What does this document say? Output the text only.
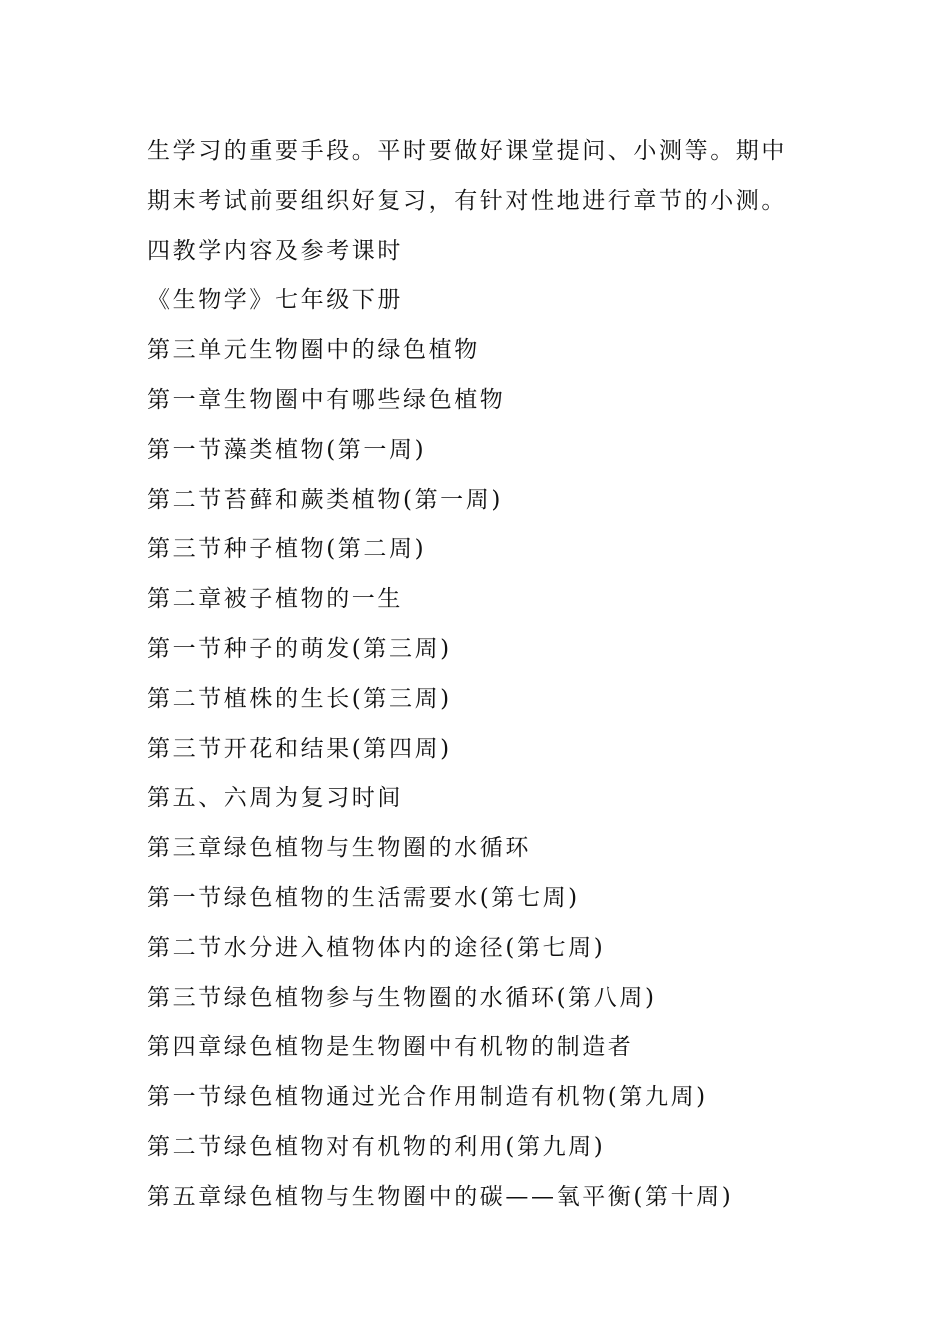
生学习的重要手段。平时要做好课堂提问、小测等。期中
期末考试前要组织好复习，有针对性地进行章节的小测。
四教学内容及参考课时
《生物学》七年级下册
第三单元生物圈中的绿色植物
第一章生物圈中有哪些绿色植物
第一节藻类植物(第一周)
第二节苔藓和蕨类植物(第一周)
第三节种子植物(第二周)
第二章被子植物的一生
第一节种子的萌发(第三周)
第二节植株的生长(第三周)
第三节开花和结果(第四周)
第五、六周为复习时间
第三章绿色植物与生物圈的水循环
第一节绿色植物的生活需要水(第七周)
第二节水分进入植物体内的途径(第七周)
第三节绿色植物参与生物圈的水循环(第八周)
第四章绿色植物是生物圈中有机物的制造者
第一节绿色植物通过光合作用制造有机物(第九周)
第二节绿色植物对有机物的利用(第九周)
第五章绿色植物与生物圈中的碳——氧平衡(第十周)
